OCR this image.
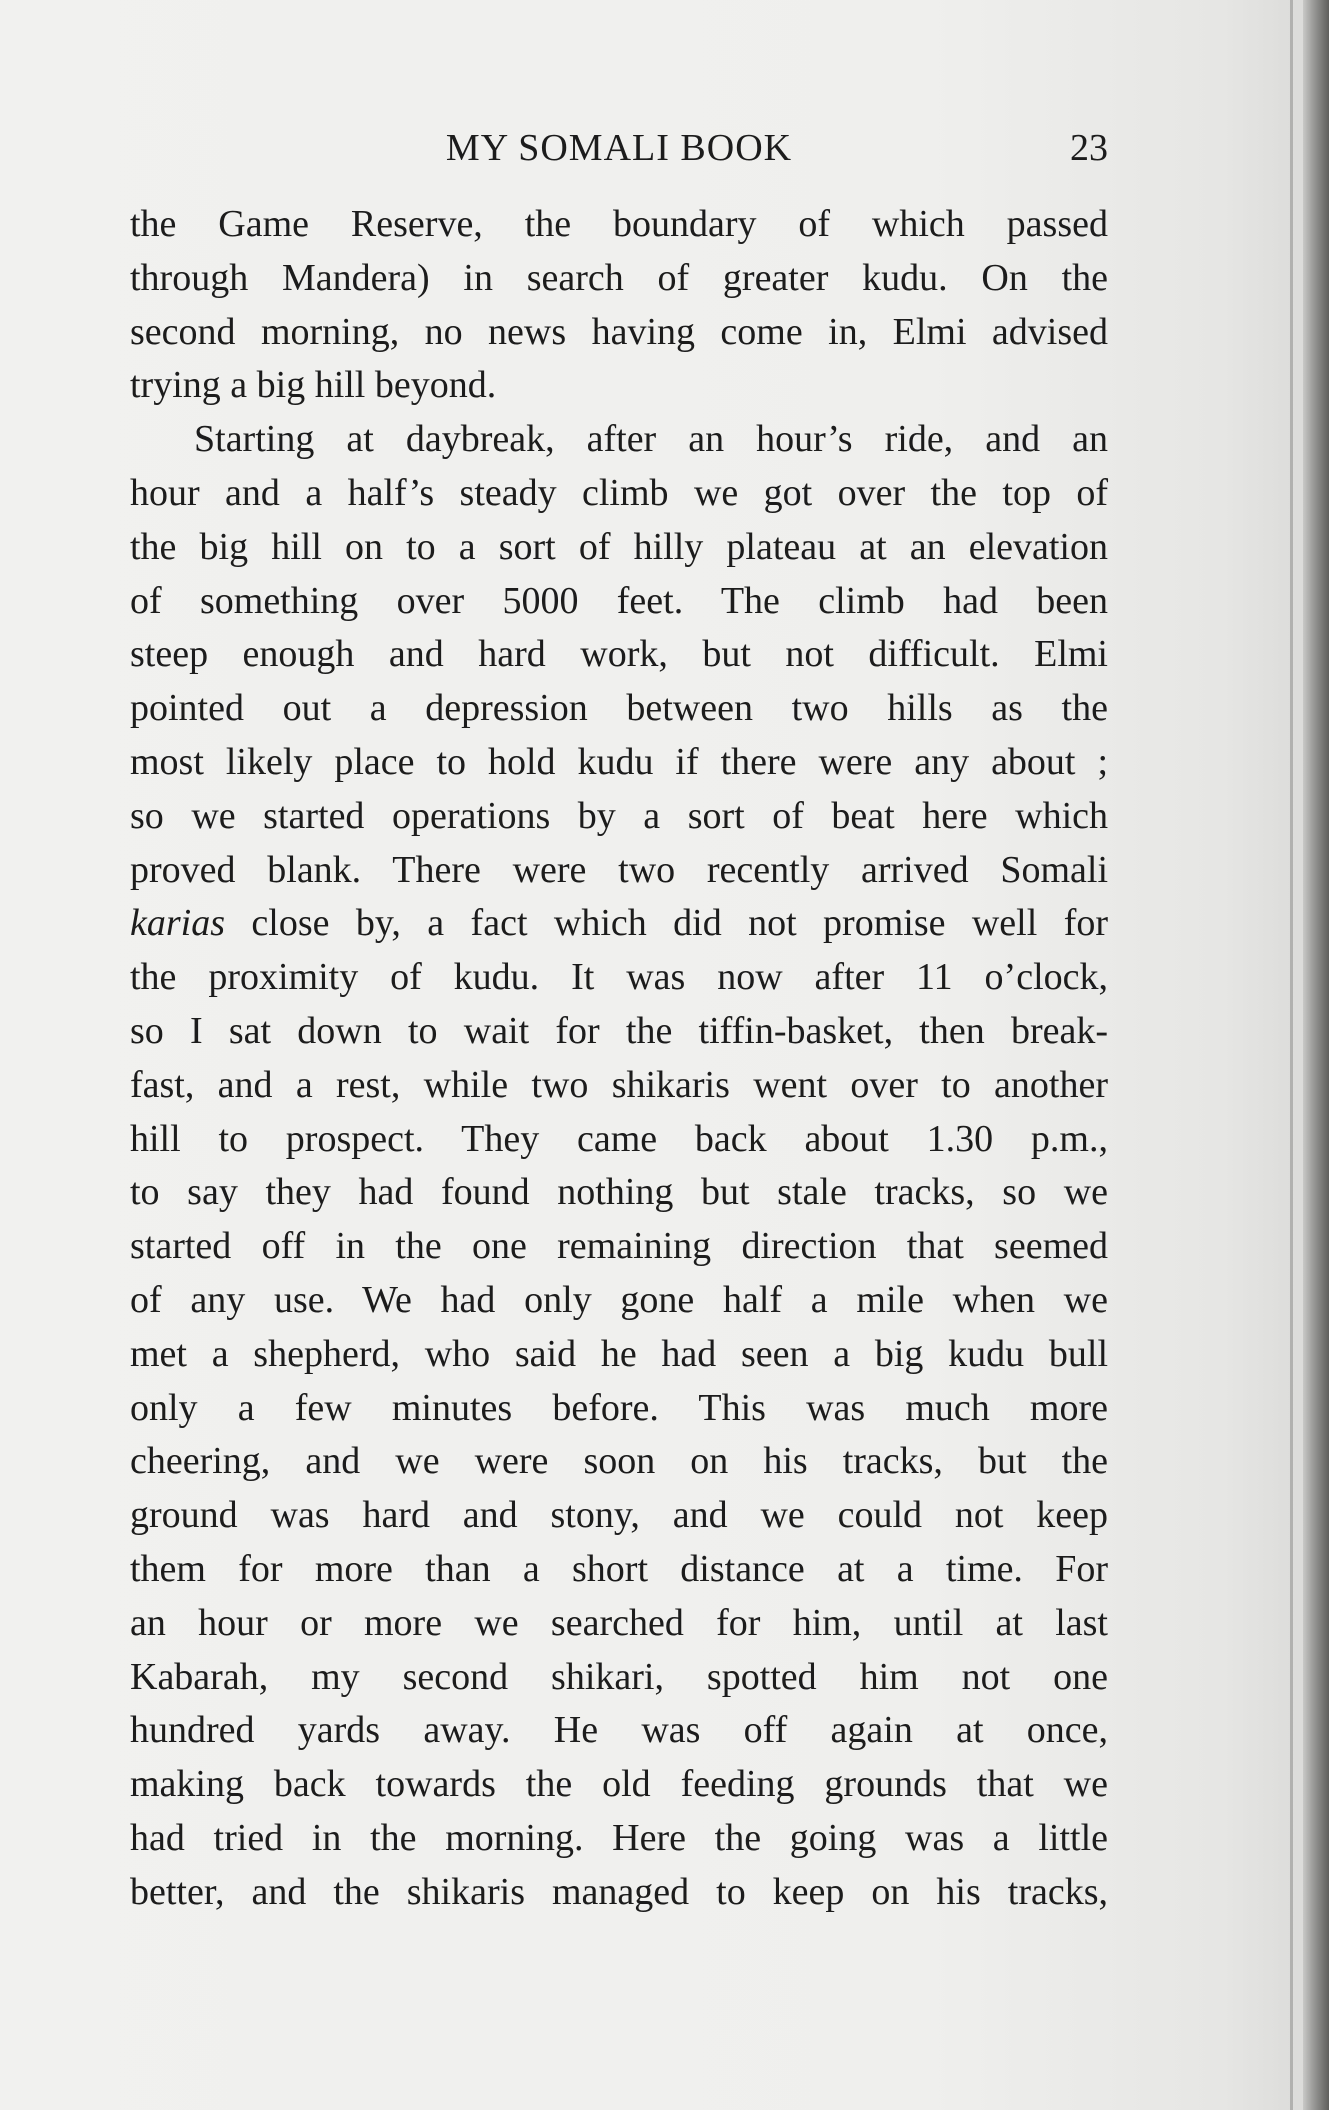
MY SOMALI BOOK	23

the Game Reserve, the boundary of which passed
through Mandera) in search of greater kudu. On the
second morning, no news having come in, Elmi advised
trying a big hill beyond.

Starting at daybreak, after an hour’s ride, and an
hour and a half’s steady climb we got over the top of
the big hill on to a sort of hilly plateau at an elevation
of something over 5000 feet. The climb had been
steep enough and hard work, but not difficult. Elmi
pointed out a depression between two hills as the
most likely place to hold kudu if there were any about ;
so we started operations by a sort of beat here which
proved blank. There were two recently arrived Somali
karias close by, a fact which did not promise well for
the proximity of kudu. It was now after 11 o’clock,
so I sat down to wait for the tiffin-basket, then break-
fast, and a rest, while two shikaris went over to another
hill to prospect. They came back about 1.30 p.m.,
to say they had found nothing but stale tracks, so we
started off in the one remaining direction that seemed
of any use. We had only gone half a mile when we
met a shepherd, who said he had seen a big kudu bull
only a few minutes before. This was much more
cheering, and we were soon on his tracks, but the
ground was hard and stony, and we could not keep
them for more than a short distance at a time. For
an hour or more we searched for him, until at last
Kabarah, my second shikari, spotted him not one
hundred yards away. He was off again at once,
making back towards the old feeding grounds that we
had tried in the morning. Here the going was a little
better, and the shikaris managed to keep on his tracks,
